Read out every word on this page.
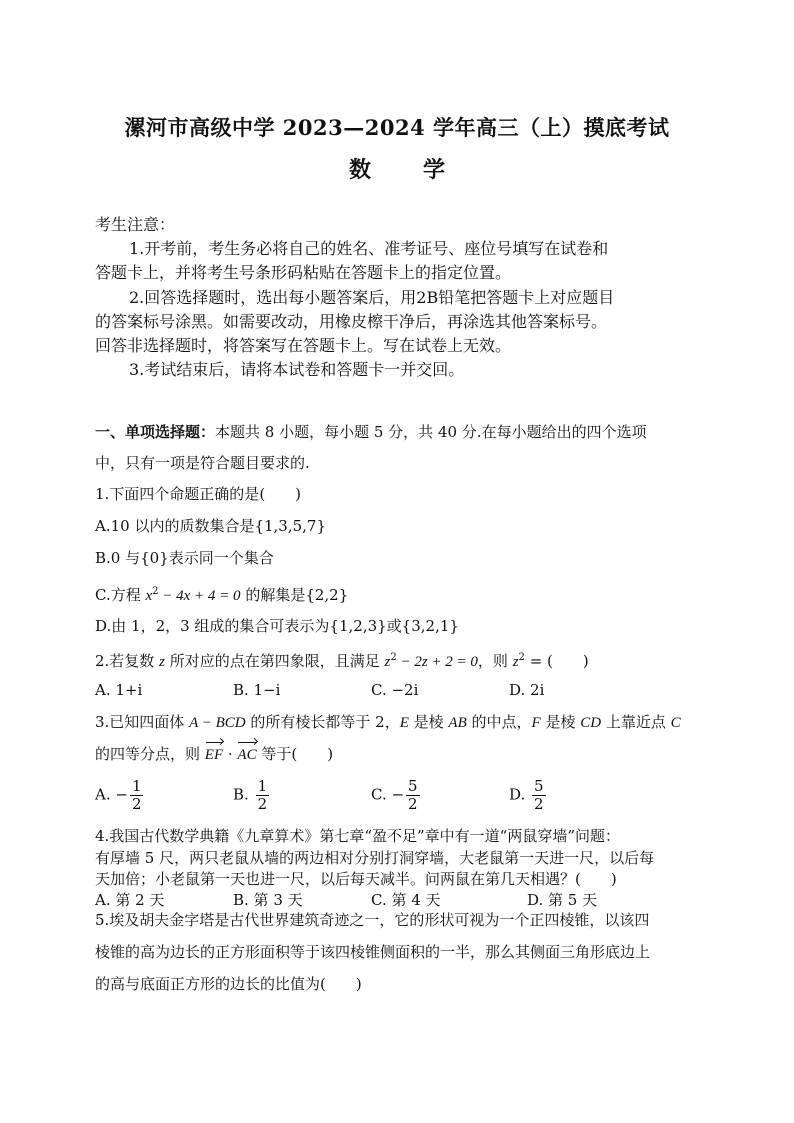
漯河市高级中学 2023—2024 学年高三（上）摸底考试
数学
考生注意：
1.开考前，考生务必将自己的姓名、准考证号、座位号填写在试卷和
答题卡上，并将考生号条形码粘贴在答题卡上的指定位置。
2.回答选择题时，选出每小题答案后，用2B铅笔把答题卡上对应题目
的答案标号涂黑。如需要改动，用橡皮檫干净后，再涂选其他答案标号。
回答非选择题时，将答案写在答题卡上。写在试卷上无效。
3.考试结束后，请将本试卷和答题卡一并交回。
一、单项选择题：本题共 8 小题，每小题 5 分，共 40 分.在每小题给出的四个选项
中，只有一项是符合题目要求的.
1.下面四个命题正确的是(　　)
A.10 以内的质数集合是{1,3,5,7}
B.0 与{0}表示同一个集合
C.方程 $x^2 - 4x + 4 = 0$ 的解集是{2,2}
D.由 1，2，3 组成的集合可表示为{1,2,3}或{3,2,1}
2.若复数 z 所对应的点在第四象限，且满足 $z^2 - 2z + 2 = 0$，则 $z^2$ = (　　)
A. 1+i	B. 1−i	C. −2i	D. 2i
3.已知四面体 A − BCD 的所有棱长都等于 2，E 是棱 AB 的中点，F 是棱 CD 上靠近点 C
的四等分点，则 EF · AC 等于(　　)
A. − $\frac{1}{2}$	B. $\frac{1}{2}$	C. − $\frac{5}{2}$	D. $\frac{5}{2}$
4.我国古代数学典籍《九章算术》第七章“盈不足”章中有一道“两鼠穿墙”问题：
有厚墙 5 尺，两只老鼠从墙的两边相对分别打洞穿墙，大老鼠第一天进一尺，以后每
天加倍；小老鼠第一天也进一尺，以后每天减半。问两鼠在第几天相遇？(　　)
A. 第 2 天	B. 第 3 天	C. 第 4 天	D. 第 5 天
5.埃及胡夫金字塔是古代世界建筑奇迹之一，它的形状可视为一个正四棱锥，以该四
棱锥的高为边长的正方形面积等于该四棱锥侧面积的一半，那么其侧面三角形底边上
的高与底面正方形的边长的比值为(　　)
